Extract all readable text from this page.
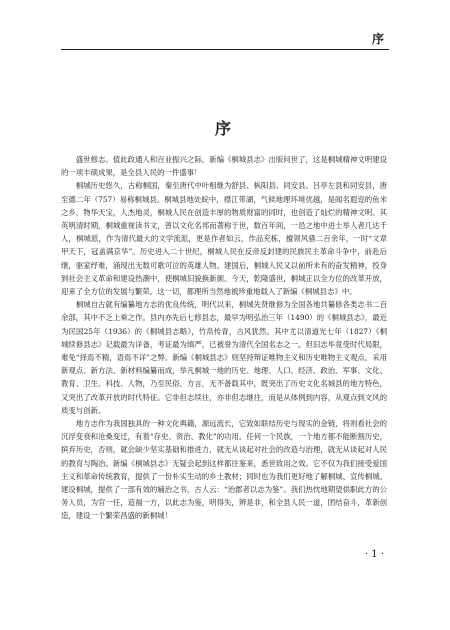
序
序

盛世修志。值此政通人和百业振兴之际，新编《桐城县志》出版问世了，这是桐城精神文明建设的一项丰硕成果，是全县人民的一件盛事！

桐城历史悠久，古称桐国，秦至唐代中叶相继为舒县、枞阳县、同安县、吕亭左县和同安县，唐至德二年（757）易称桐城县。桐城县地处皖中，襟江带湖，气候地理环境优越，是闻名遐迩的鱼米之乡，物华天宝，人杰地灵，桐城人民在创造丰厚的物质财富的同时，也创造了灿烂的精神文明。其英明清时期，桐城重视读书文，曾以文化名邦而著称于世，数百年间，一邑之地中进士举人者几达千人，桐城派，作为清代最大的文学流派，更是作者如云，作品充栋，擅领风骚二百余年，一时“文章甲天下，冠盖满京华”。历史进入二十世纪，桐城人民在反帝反封建的民族民主革命斗争中，前赴后继，驱家纾难，涌现出无数可歌可泣的英雄人物。建国后，桐城人民又以前所未有的奋发精神，投身到社会主义革命和建设热潮中，使桐城旧貌换新颜。今天，乾隆盛世，桐城正以全方位的改革开放，迎来了全方位的发展与繁荣。这一切，都理所当然地被珍重地载入了新编《桐城县志》中。

桐城自古就有编纂地方志的优良传统，明代以来，桐城先贤继修为全国各地共纂修各类志书二百余部，其中不乏上乘之作。县内亦先后七修县志，最早为明弘治三年（1490）的《桐城县志》，最近为民国25年（1936）的《桐城县志略》，竹帛传青，古风犹然。其中尤以清道光七年（1827）《桐城续修县志》记载最为详备，考证最为缜严，已被誉为清代全国名志之一。但旧志毕竟受时代局限，难免“择焉不精，语焉不详”之弊。新编《桐城县志》则坚持辩证唯物主义和历史唯物主义观点，采用新观点、新方法、新材料编纂而成，举凡桐城一地的历史、地理、人口、经济、政治、军事、文化、教育、卫生、科技、人物，乃至民俗、方言，无不备载其中，既突出了历史文化名城县的地方特色，又突出了改革开放的时代特征。它非但志续往，亦非但志继往，而是从体例到内容，从观点到文风的质变与创新。

地方志作为我国独具的一种文化典籍，源远流长，它致如联结历史与现实的金链，将则看社会的沉浮变衰和沧桑变迁，有着“存史、资治、教化”的功用。任何一个民族，一个地方都不能断割历史，摈弃历史，否则，就会缺少坚实基础和推进力，就无从谈起对社会的改造与治理，就无从谈起对人民的教育与陶冶。新编《桐城县志》无疑会起到这样都往鉴来，悉世致用之效。它不仅为我们接受爱国主义和革命传统教育，提供了一份朴实生动的乡土教材；同时也为我们更好地了解桐城、宣传桐城、建设桐城，提供了一部有效的辅治之书。古人云：“治郡者以志为鉴”。我们热忱地期望供职此方的公务人员，为官一任，造福一方，以此志为鉴，明得失，辨是非，和全县人民一道，团结奋斗，革新创造，建设一个繁荣昌盛的新桐城！

· 1 ·
